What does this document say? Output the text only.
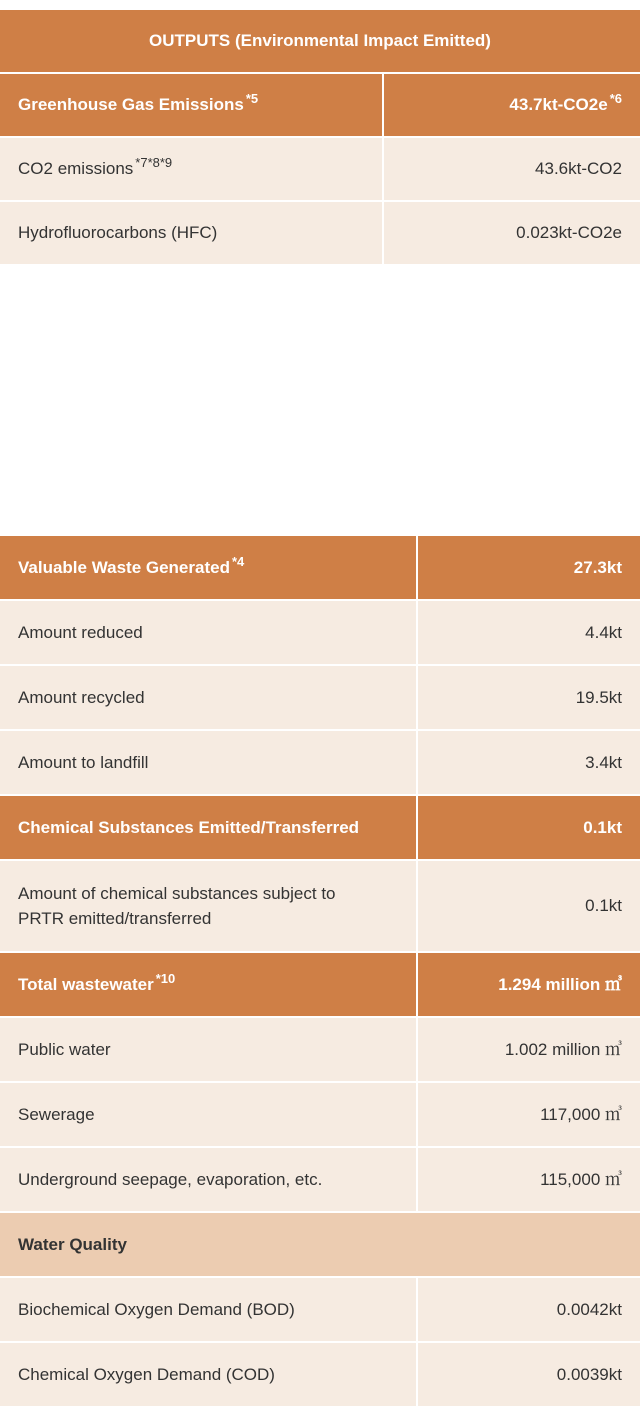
OUTPUTS (Environmental Impact Emitted)	
Greenhouse Gas Emissions $^{*5}$	43.7kt-CO2e $^{*6}$
CO2 emissions $^{*7*8*9}$	43.6kt-CO2
Hydrofluorocarbons (HFC)	0.023kt-CO2e
Valuable Waste Generated $^{*4}$	27.3kt
Amount reduced	4.4kt
Amount recycled	19.5kt
Amount to landfill	3.4kt
Chemical Substances Emitted/Transferred	0.1kt
Amount of chemical substances subject to
PRTR emitted/transferred	0.1kt
Total wastewater $^{*10}$	1.294 million ㎥
Public water	1.002 million ㎥
Sewerage	117,000 ㎥
Underground seepage, evaporation, etc.	115,000 ㎥
Water Quality	
Biochemical Oxygen Demand (BOD)	0.0042kt
Chemical Oxygen Demand (COD)	0.0039kt
